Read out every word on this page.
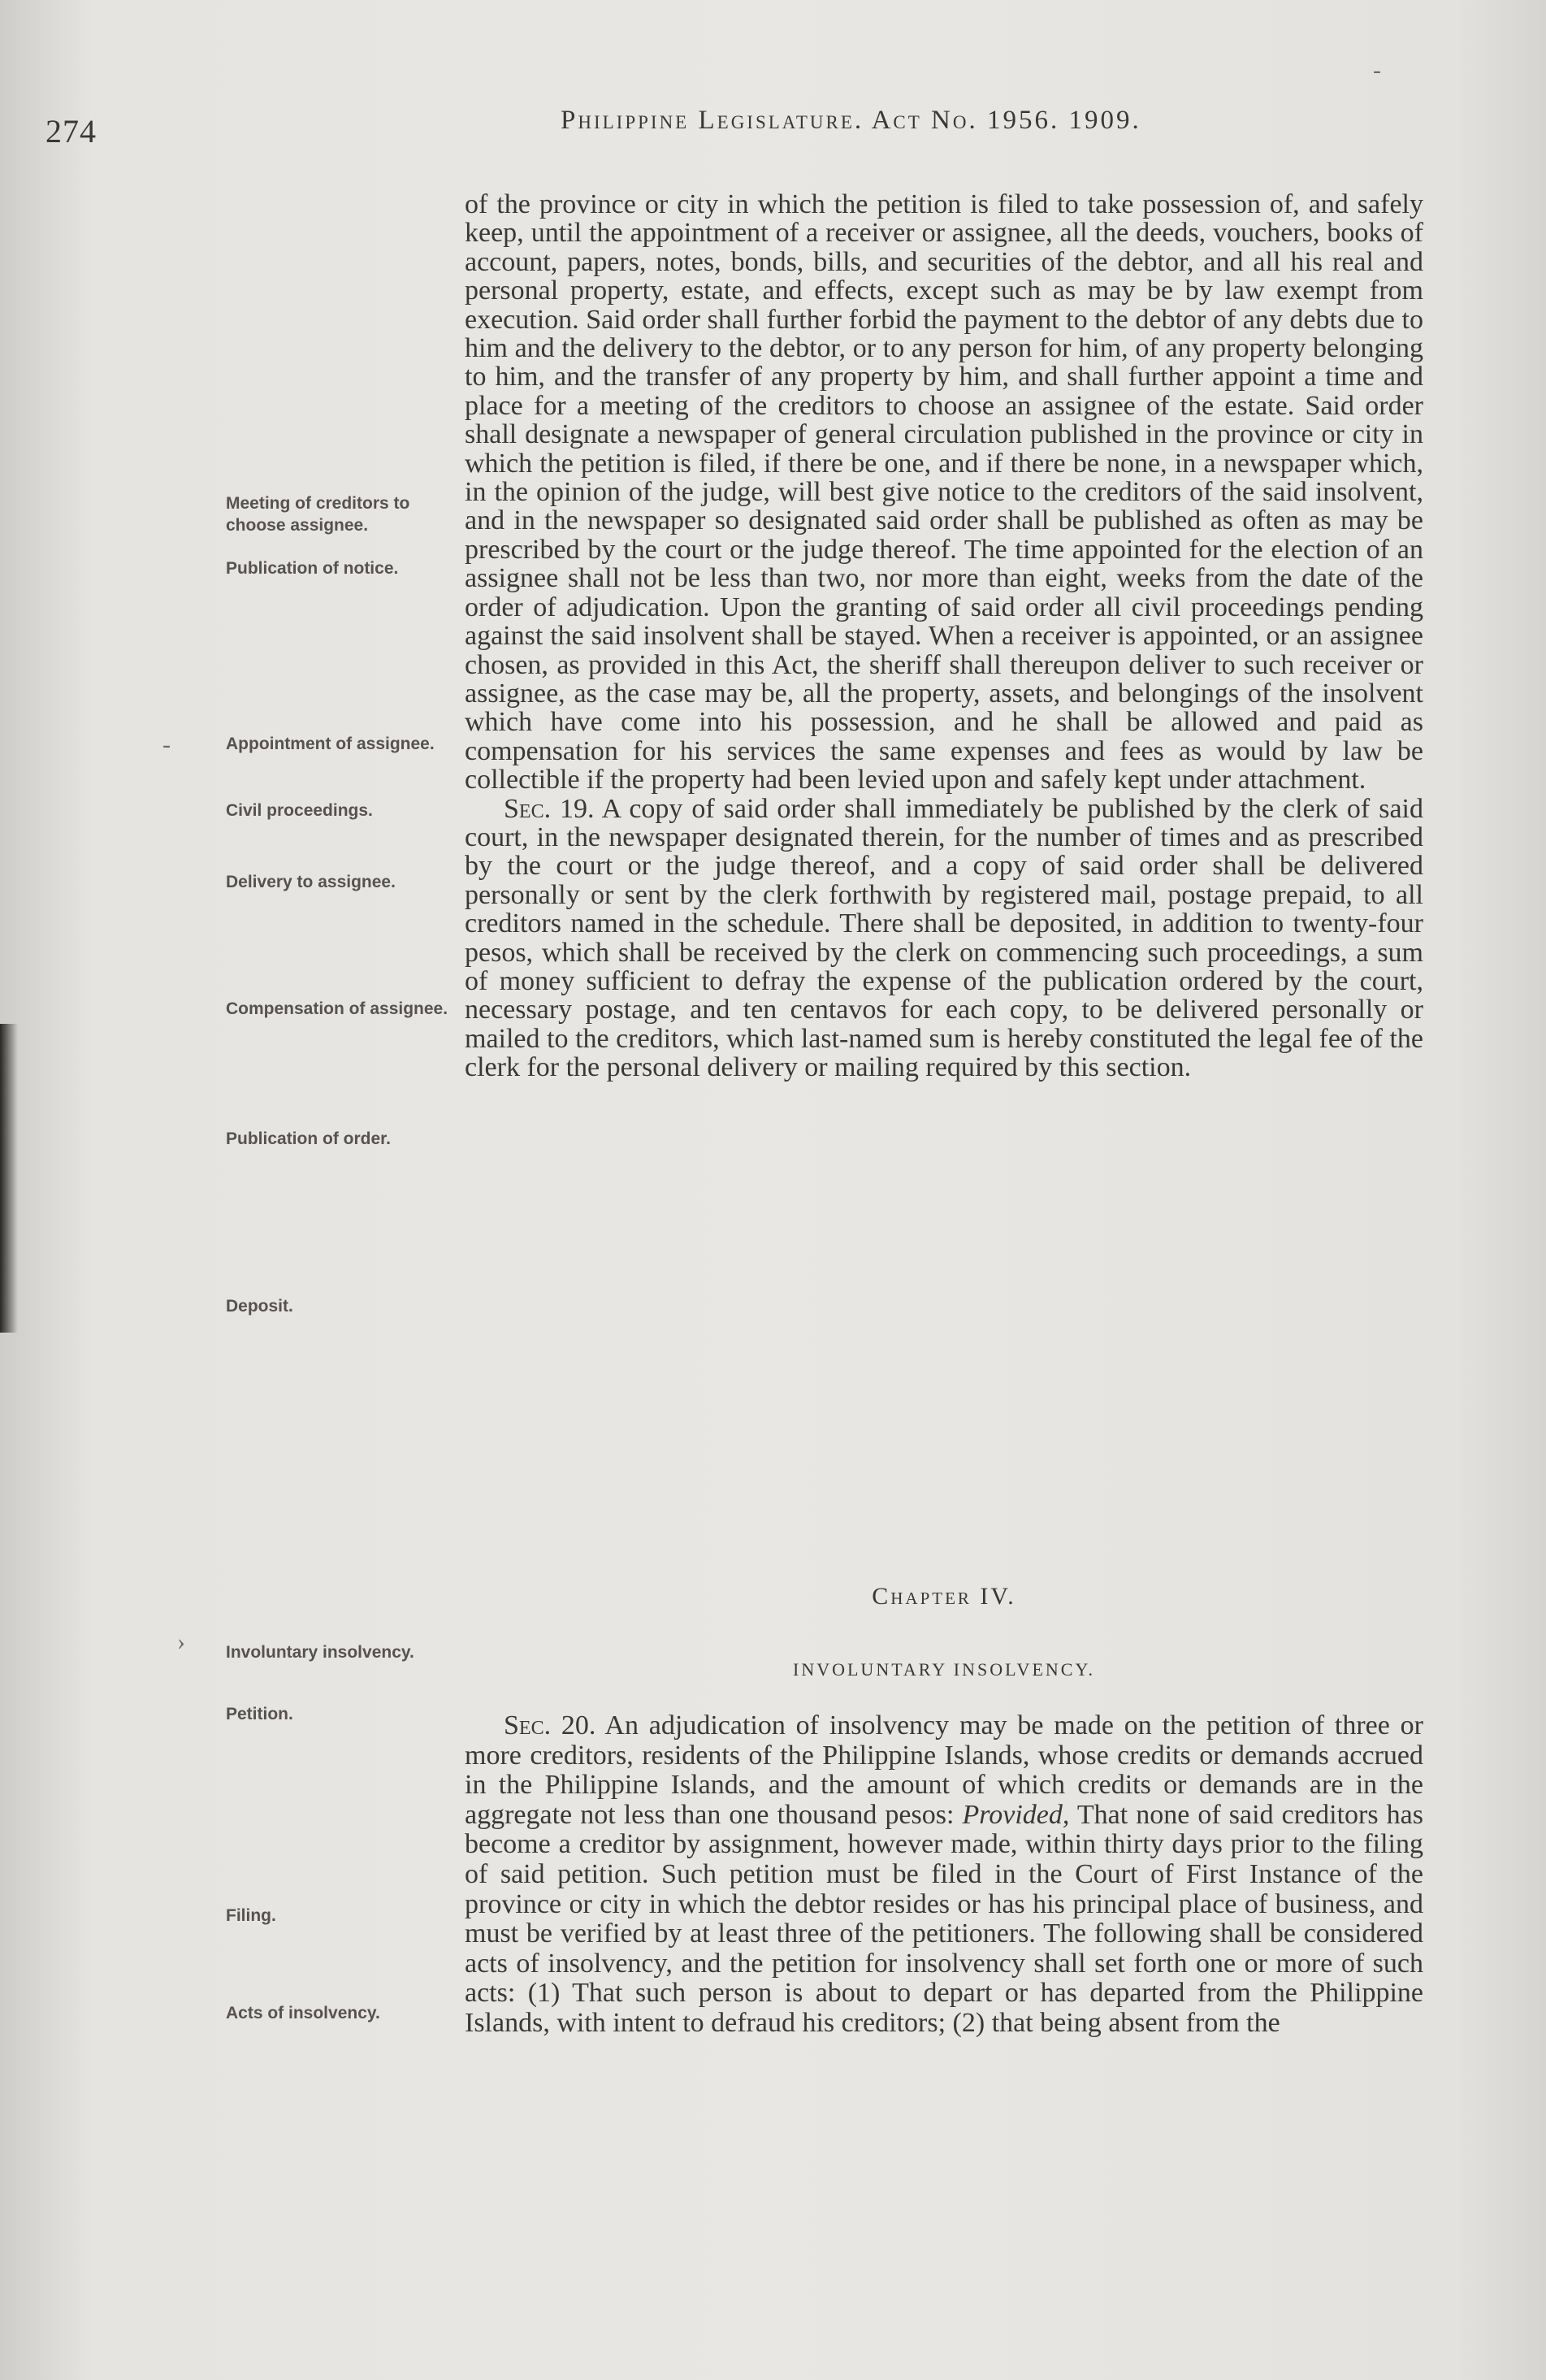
274	Philippine Legislature. Act No. 1956. 1909.
-
-
›
Meeting of creditors to choose assignee.
Publication of notice.
Appointment of assignee.
Civil proceedings.
Delivery to assignee.
Compensation of assignee.
Publication of order.
Deposit.
Involuntary insolvency.
Petition.
Filing.
Acts of insolvency.

of the province or city in which the petition is filed to take possession of, and safely keep, until the appointment of a receiver or assignee, all the deeds, vouchers, books of account, papers, notes, bonds, bills, and securities of the debtor, and all his real and personal property, estate, and effects, except such as may be by law exempt from execution. Said order shall further forbid the payment to the debtor of any debts due to him and the delivery to the debtor, or to any person for him, of any property belonging to him, and the transfer of any property by him, and shall further appoint a time and place for a meeting of the creditors to choose an assignee of the estate. Said order shall designate a newspaper of general circulation published in the province or city in which the petition is filed, if there be one, and if there be none, in a newspaper which, in the opinion of the judge, will best give notice to the creditors of the said insolvent, and in the newspaper so designated said order shall be published as often as may be prescribed by the court or the judge thereof. The time appointed for the election of an assignee shall not be less than two, nor more than eight, weeks from the date of the order of adjudication. Upon the granting of said order all civil proceedings pending against the said insolvent shall be stayed. When a receiver is appointed, or an assignee chosen, as provided in this Act, the sheriff shall thereupon deliver to such receiver or assignee, as the case may be, all the property, assets, and belongings of the insolvent which have come into his possession, and he shall be allowed and paid as compensation for his services the same expenses and fees as would by law be collectible if the property had been levied upon and safely kept under attachment.

Sec. 19. A copy of said order shall immediately be published by the clerk of said court, in the newspaper designated therein, for the number of times and as prescribed by the court or the judge thereof, and a copy of said order shall be delivered personally or sent by the clerk forthwith by registered mail, postage prepaid, to all creditors named in the schedule. There shall be deposited, in addition to twenty-four pesos, which shall be received by the clerk on commencing such proceedings, a sum of money sufficient to defray the expense of the publication ordered by the court, necessary postage, and ten centavos for each copy, to be delivered personally or mailed to the creditors, which last-named sum is hereby constituted the legal fee of the clerk for the personal delivery or mailing required by this section.

Chapter IV.
INVOLUNTARY INSOLVENCY.

Sec. 20. An adjudication of insolvency may be made on the petition of three or more creditors, residents of the Philippine Islands, whose credits or demands accrued in the Philippine Islands, and the amount of which credits or demands are in the aggregate not less than one thousand pesos: Provided, That none of said creditors has become a creditor by assignment, however made, within thirty days prior to the filing of said petition. Such petition must be filed in the Court of First Instance of the province or city in which the debtor resides or has his principal place of business, and must be verified by at least three of the petitioners. The following shall be considered acts of insolvency, and the petition for insolvency shall set forth one or more of such acts: (1) That such person is about to depart or has departed from the Philippine Islands, with intent to defraud his creditors; (2) that being absent from the
